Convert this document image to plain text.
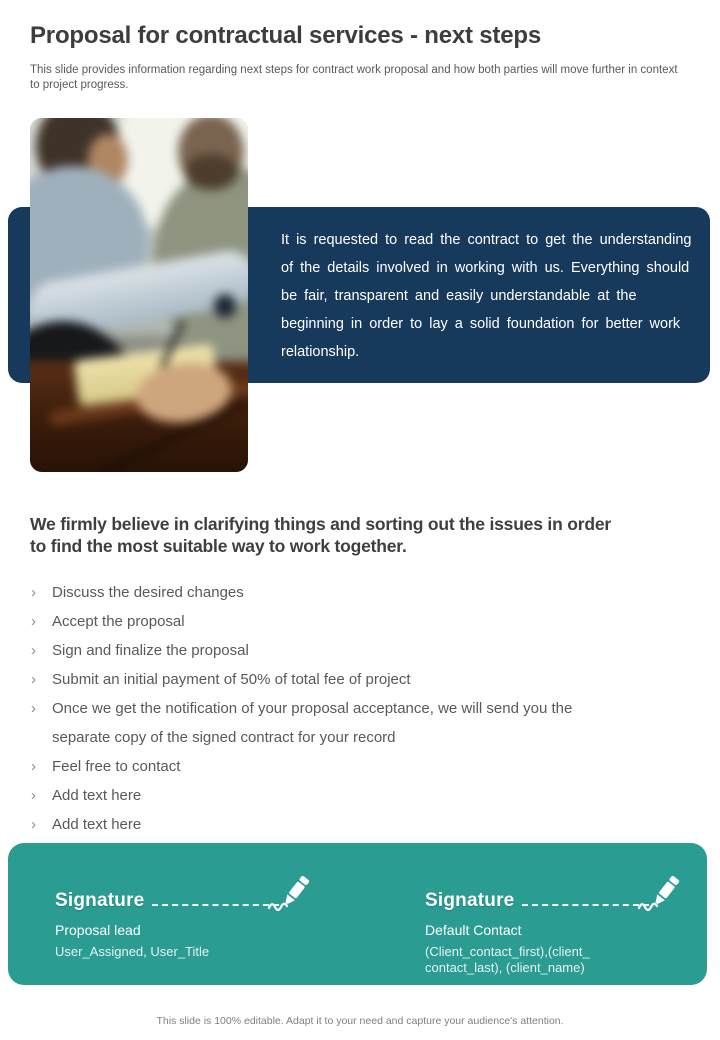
Proposal for contractual services - next steps
This slide provides information regarding next steps for contract work proposal and how both parties will move further in context to project progress.
It is requested to read the contract to get the understanding of the details involved in working with us. Everything should be fair, transparent and easily understandable at the beginning in order to lay a solid foundation for better work relationship.
We firmly believe in clarifying things and sorting out the issues in order to find the most suitable way to work together.
›	Discuss the desired changes
›	Accept the proposal
›	Sign and finalize the proposal
›	Submit an initial payment of 50% of total fee of project
›	Once we get the notification of your proposal acceptance, we will send you the separate copy of the signed contract for your record
›	Feel free to contact
›	Add text here
›	Add text here
Signature
Proposal lead
User_Assigned, User_Title
Signature
Default Contact
(Client_contact_first),(client_
contact_last), (client_name)
This slide is 100% editable. Adapt it to your need and capture your audience's attention.
